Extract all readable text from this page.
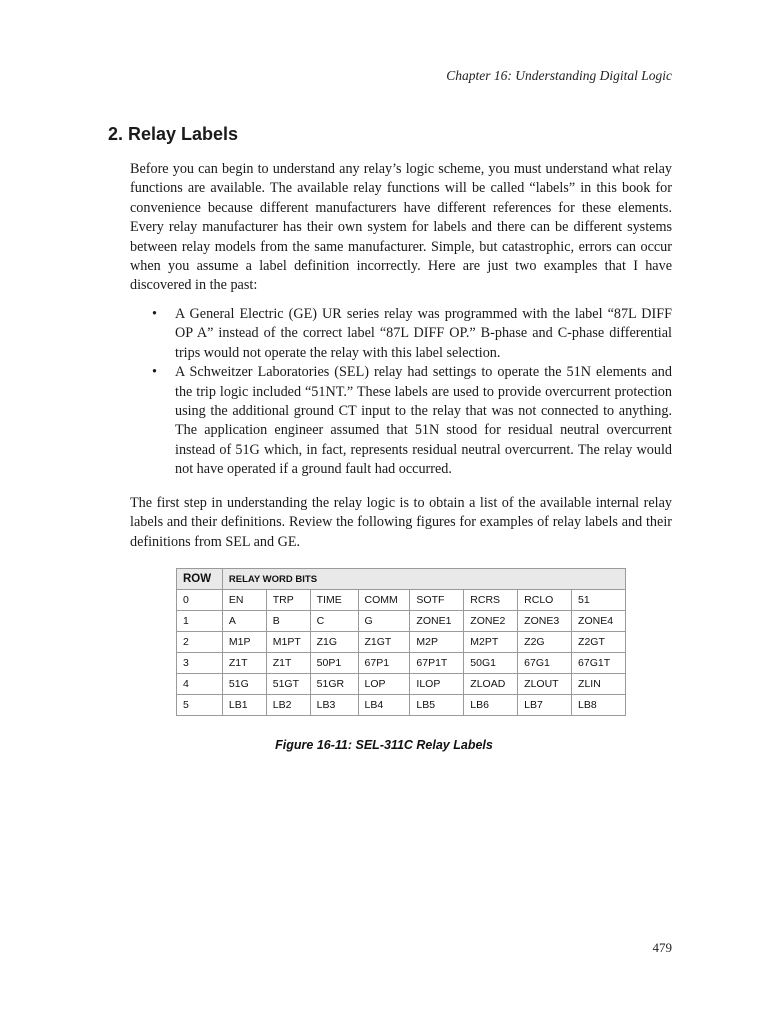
Chapter 16: Understanding Digital Logic
2. Relay Labels

Before you can begin to understand any relay’s logic scheme, you must understand what relay functions are available. The available relay functions will be called “labels” in this book for convenience because different manufacturers have different references for these elements. Every relay manufacturer has their own system for labels and there can be different systems between relay models from the same manufacturer. Simple, but catastrophic, errors can occur when you assume a label definition incorrectly. Here are just two examples that I have discovered in the past:

• A General Electric (GE) UR series relay was programmed with the label “87L DIFF OP A” instead of the correct label “87L DIFF OP.” B-phase and C-phase differential trips would not operate the relay with this label selection.
• A Schweitzer Laboratories (SEL) relay had settings to operate the 51N elements and the trip logic included “51NT.” These labels are used to provide overcurrent protection using the additional ground CT input to the relay that was not connected to anything. The application engineer assumed that 51N stood for residual neutral overcurrent instead of 51G which, in fact, represents residual neutral overcurrent. The relay would not have operated if a ground fault had occurred.

The first step in understanding the relay logic is to obtain a list of the available internal relay labels and their definitions. Review the following figures for examples of relay labels and their definitions from SEL and GE.

ROW	RELAY WORD BITS							
0	EN	TRP	TIME	COMM	SOTF	RCRS	RCLO	51
1	A	B	C	G	ZONE1	ZONE2	ZONE3	ZONE4
2	M1P	M1PT	Z1G	Z1GT	M2P	M2PT	Z2G	Z2GT
3	Z1T	Z1T	50P1	67P1	67P1T	50G1	67G1	67G1T
4	51G	51GT	51GR	LOP	ILOP	ZLOAD	ZLOUT	ZLIN
5	LB1	LB2	LB3	LB4	LB5	LB6	LB7	LB8
Figure 16-11: SEL-311C Relay Labels
479
